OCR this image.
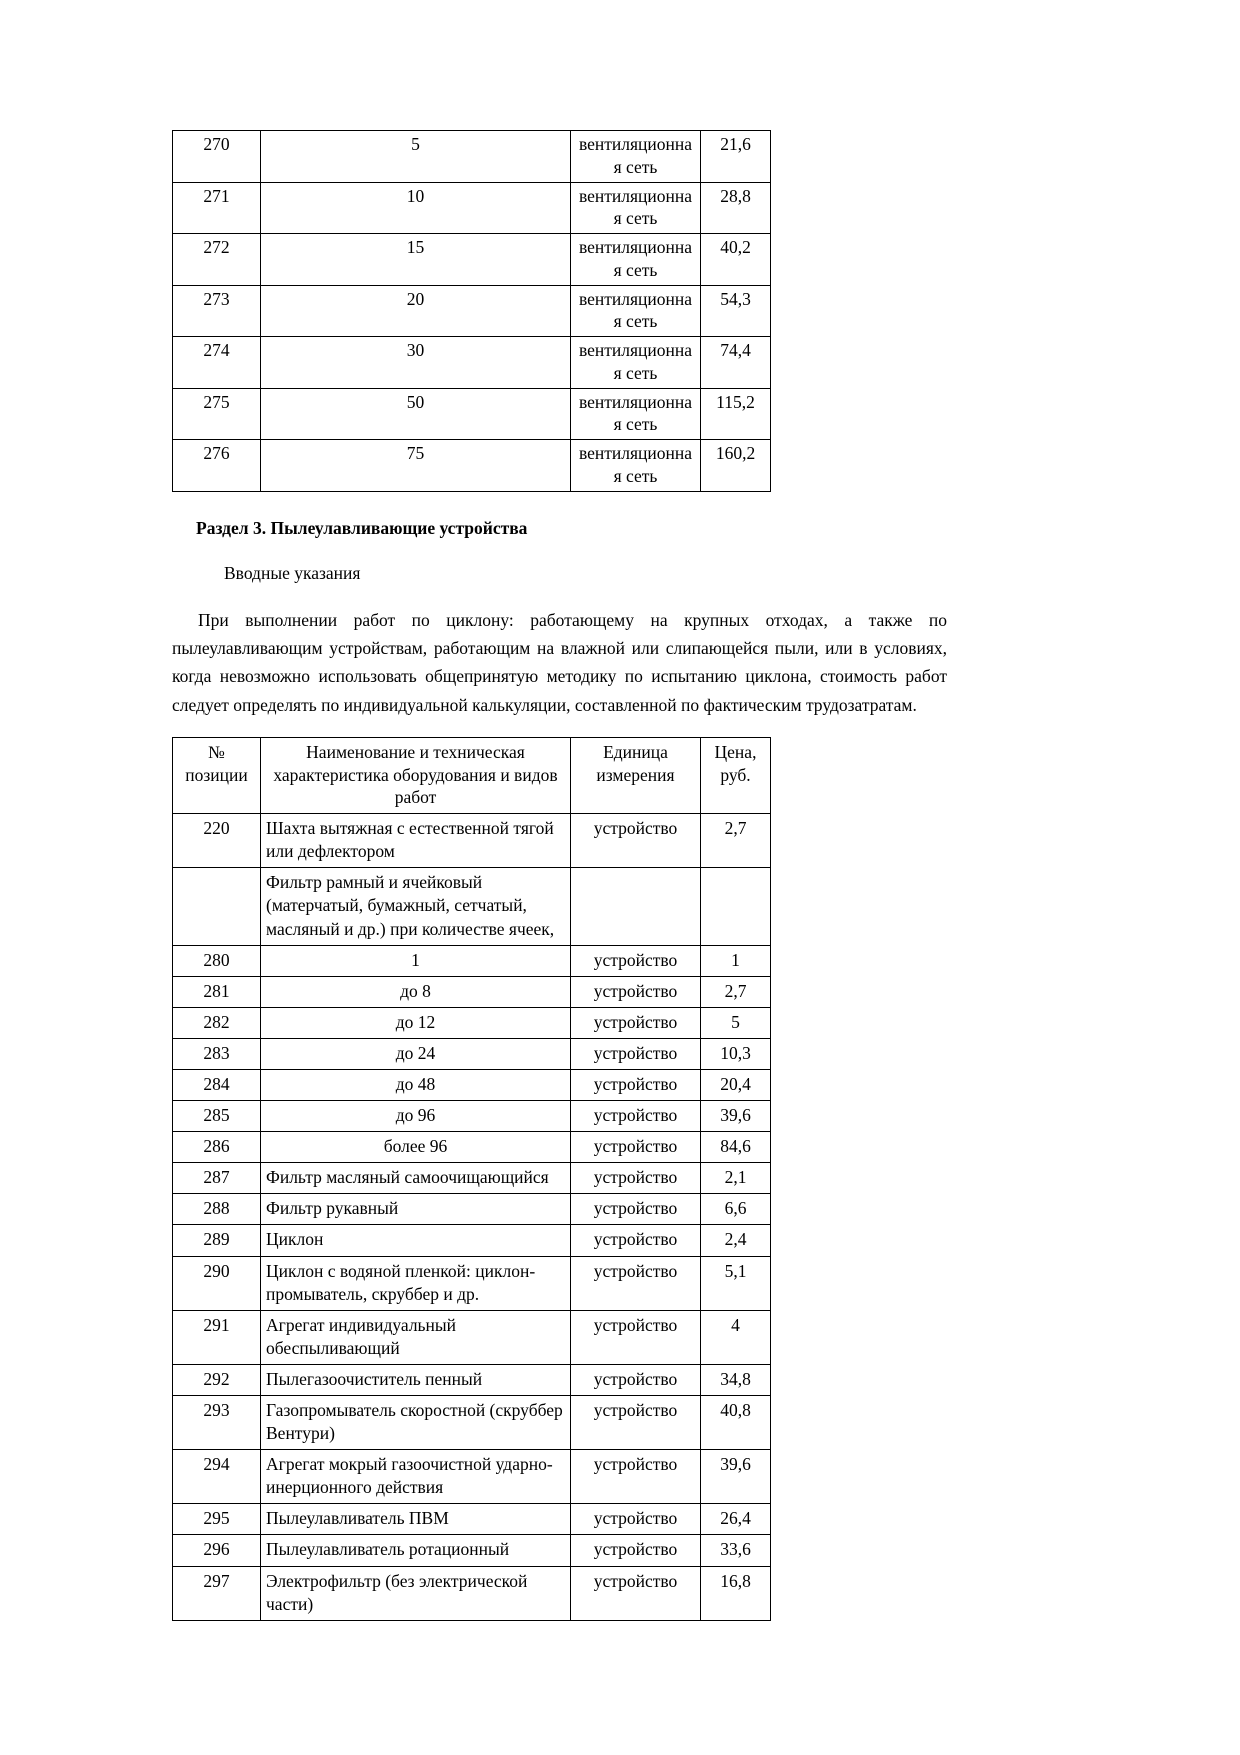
270	5	вентиляционная сеть	21,6
271	10	вентиляционная сеть	28,8
272	15	вентиляционная сеть	40,2
273	20	вентиляционная сеть	54,3
274	30	вентиляционная сеть	74,4
275	50	вентиляционная сеть	115,2
276	75	вентиляционная сеть	160,2
Раздел 3. Пылеулавливающие устройства

Вводные указания

При выполнении работ по циклону: работающему на крупных отходах, а также по пылеулавливающим устройствам, работающим на влажной или слипающейся пыли, или в условиях, когда невозможно использовать общепринятую методику по испытанию циклона, стоимость работ следует определять по индивидуальной калькуляции, составленной по фактическим трудозатратам.

№ позиции	Наименование и техническая характеристика оборудования и видов работ	Единица измерения	Цена, руб.
220	Шахта вытяжная с естественной тягой или дефлектором	устройство	2,7
	Фильтр рамный и ячейковый (матерчатый, бумажный, сетчатый, масляный и др.) при количестве ячеек,		
280	1	устройство	1
281	до 8	устройство	2,7
282	до 12	устройство	5
283	до 24	устройство	10,3
284	до 48	устройство	20,4
285	до 96	устройство	39,6
286	более 96	устройство	84,6
287	Фильтр масляный самоочищающийся	устройство	2,1
288	Фильтр рукавный	устройство	6,6
289	Циклон	устройство	2,4
290	Циклон с водяной пленкой: циклон-промыватель, скруббер и др.	устройство	5,1
291	Агрегат индивидуальный обеспыливающий	устройство	4
292	Пылегазоочиститель пенный	устройство	34,8
293	Газопромыватель скоростной (скруббер Вентури)	устройство	40,8
294	Агрегат мокрый газоочистной ударно-инерционного действия	устройство	39,6
295	Пылеулавливатель ПВМ	устройство	26,4
296	Пылеулавливатель ротационный	устройство	33,6
297	Электрофильтр (без электрической части)	устройство	16,8
